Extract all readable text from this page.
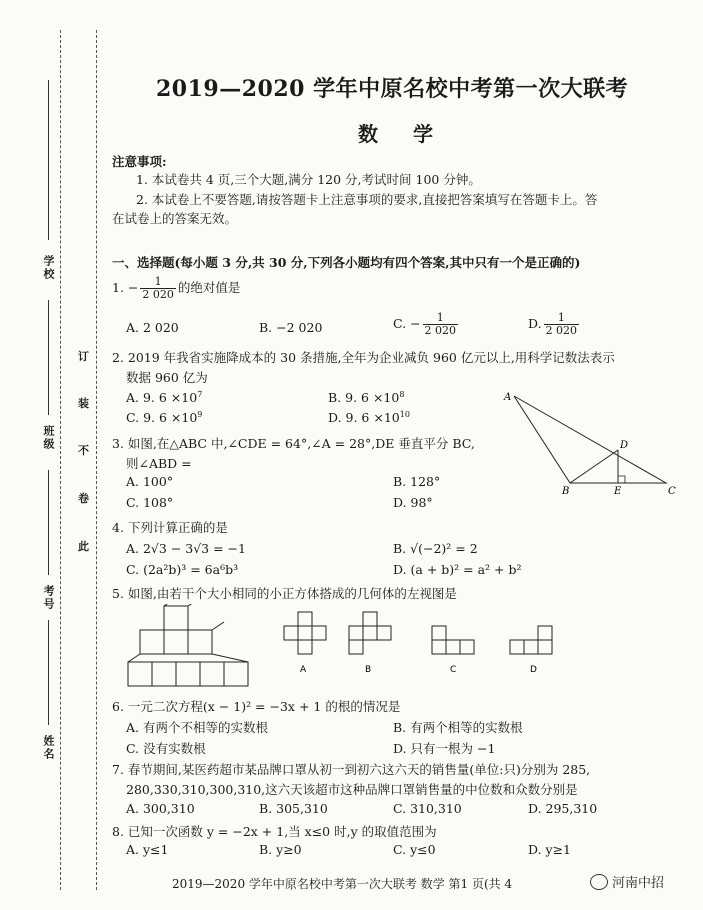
学校
班级
考号
姓名
此
卷
不
装
订
2019—2020 学年中原名校中考第一次大联考
数 学
注意事项:
1. 本试卷共 4 页,三个大题,满分 120 分,考试时间 100 分钟。
2. 本试卷上不要答题,请按答题卡上注意事项的要求,直接把答案填写在答题卡上。答
在试卷上的答案无效。
一、选择题(每小题 3 分,共 30 分,下列各小题均有四个答案,其中只有一个是正确的)
1. − $\frac{1}{2 020}$ 的绝对值是
A. 2 020	B. −2 020	C. − $\frac{1}{2 020}$	D. $\frac{1}{2 020}$
2. 2019 年我省实施降成本的 30 条措施,全年为企业减负 960 亿元以上,用科学记数法表示
数据 960 亿为
A. 9. $6 \times 10^7$	B. 9. $6 \times 10^8$
C. 9. $6 \times 10^9$	D. 9. $6 \times 10^{10}$
A
B	C
D
E
3. 如图,在△ABC 中,∠CDE = 64°,∠A = 28°,DE 垂直平分 BC,
则∠ABD =
A. 100°	B. 128°
C. 108°	D. 98°
4. 下列计算正确的是
A. 2√3 − 3√3 = −1	B. √(−2)² = 2
C. (2a²b)³ = 6a⁶b³	D. (a + b)² = a² + b²
5. 如图,由若干个大小相同的小正方体搭成的几何体的左视图是
A	B	C	D
6. 一元二次方程(x − 1)² = −3x + 1 的根的情况是
A. 有两个不相等的实数根	B. 有两个相等的实数根
C. 没有实数根	D. 只有一根为 −1
7. 春节期间,某医药超市某品牌口罩从初一到初六这六天的销售量(单位:只)分别为 285,
280,330,310,300,310,这六天该超市这种品牌口罩销售量的中位数和众数分别是
A. 300,310	B. 305,310	C. 310,310	D. 295,310
8. 已知一次函数 y = −2x + 1,当 x≤0 时,y 的取值范围为
A. y≤1	B. y≥0	C. y≤0	D. y≥1
2019—2020 学年中原名校中考第一次大联考 数学 第1 页(共 4	河南中招
